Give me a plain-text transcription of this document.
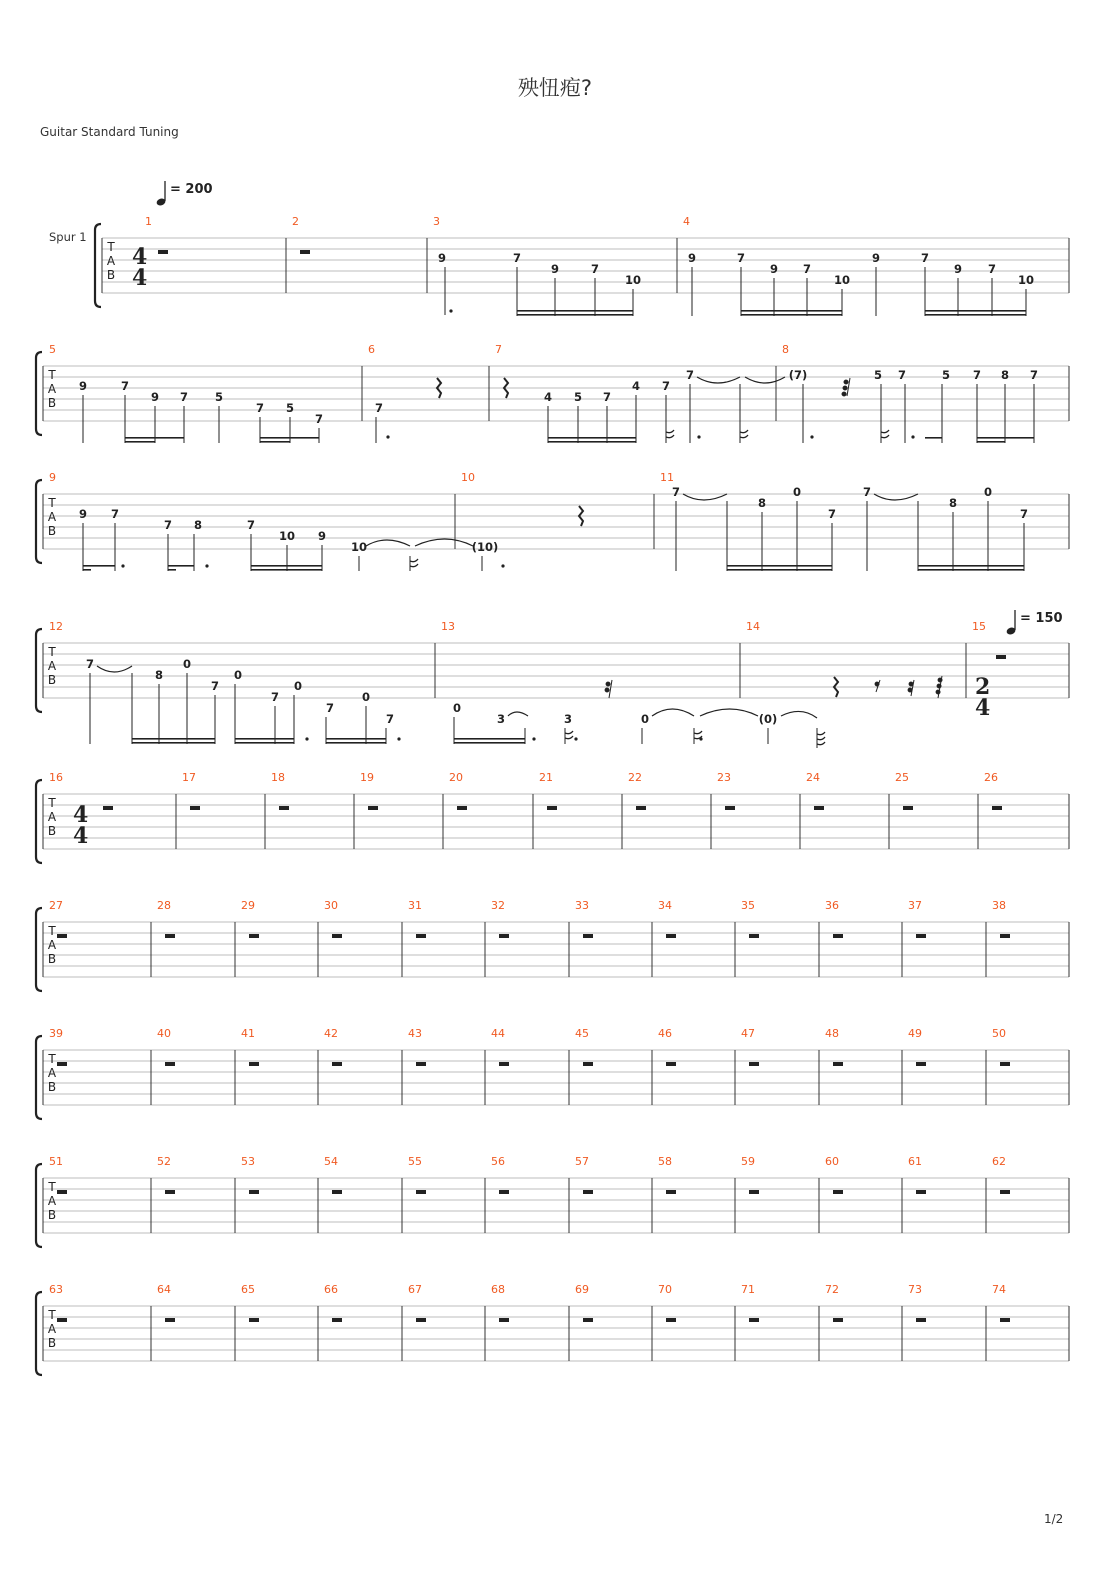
殃忸疱?
Guitar Standard Tuning
1/2
Spur 1
= 200
= 150
T
A
B
1	2	3	4
T
A
B
5	6	7	8
T
A
B
9	10	11
T
A
B
12	13	14	15
T
A
B
16	17	18	19	20	21	22	23	24	25	26
T
A
B
27	28	29	30	31	32	33	34	35	36	37	38
T
A
B
39	40	41	42	43	44	45	46	47	48	49	50
T
A
B
51	52	53	54	55	56	57	58	59	60	61	62
T
A
B
63	64	65	66	67	68	69	70	71	72	73	74
4
4
2
4
4
4
9	7
9	7
10
9	7
9 7
10
9	7
9 7
10
9	7
9 7 5
7 5
7
7
4 5 7
4 7
7	(7)	5 7	5 7 8 7
9 7
7 8	7
10 9
10	(10)
7
8
0
7
7
8
0
7
7
8
0
7
0
7
0
7
0
7
0
3	3	0	(0)
